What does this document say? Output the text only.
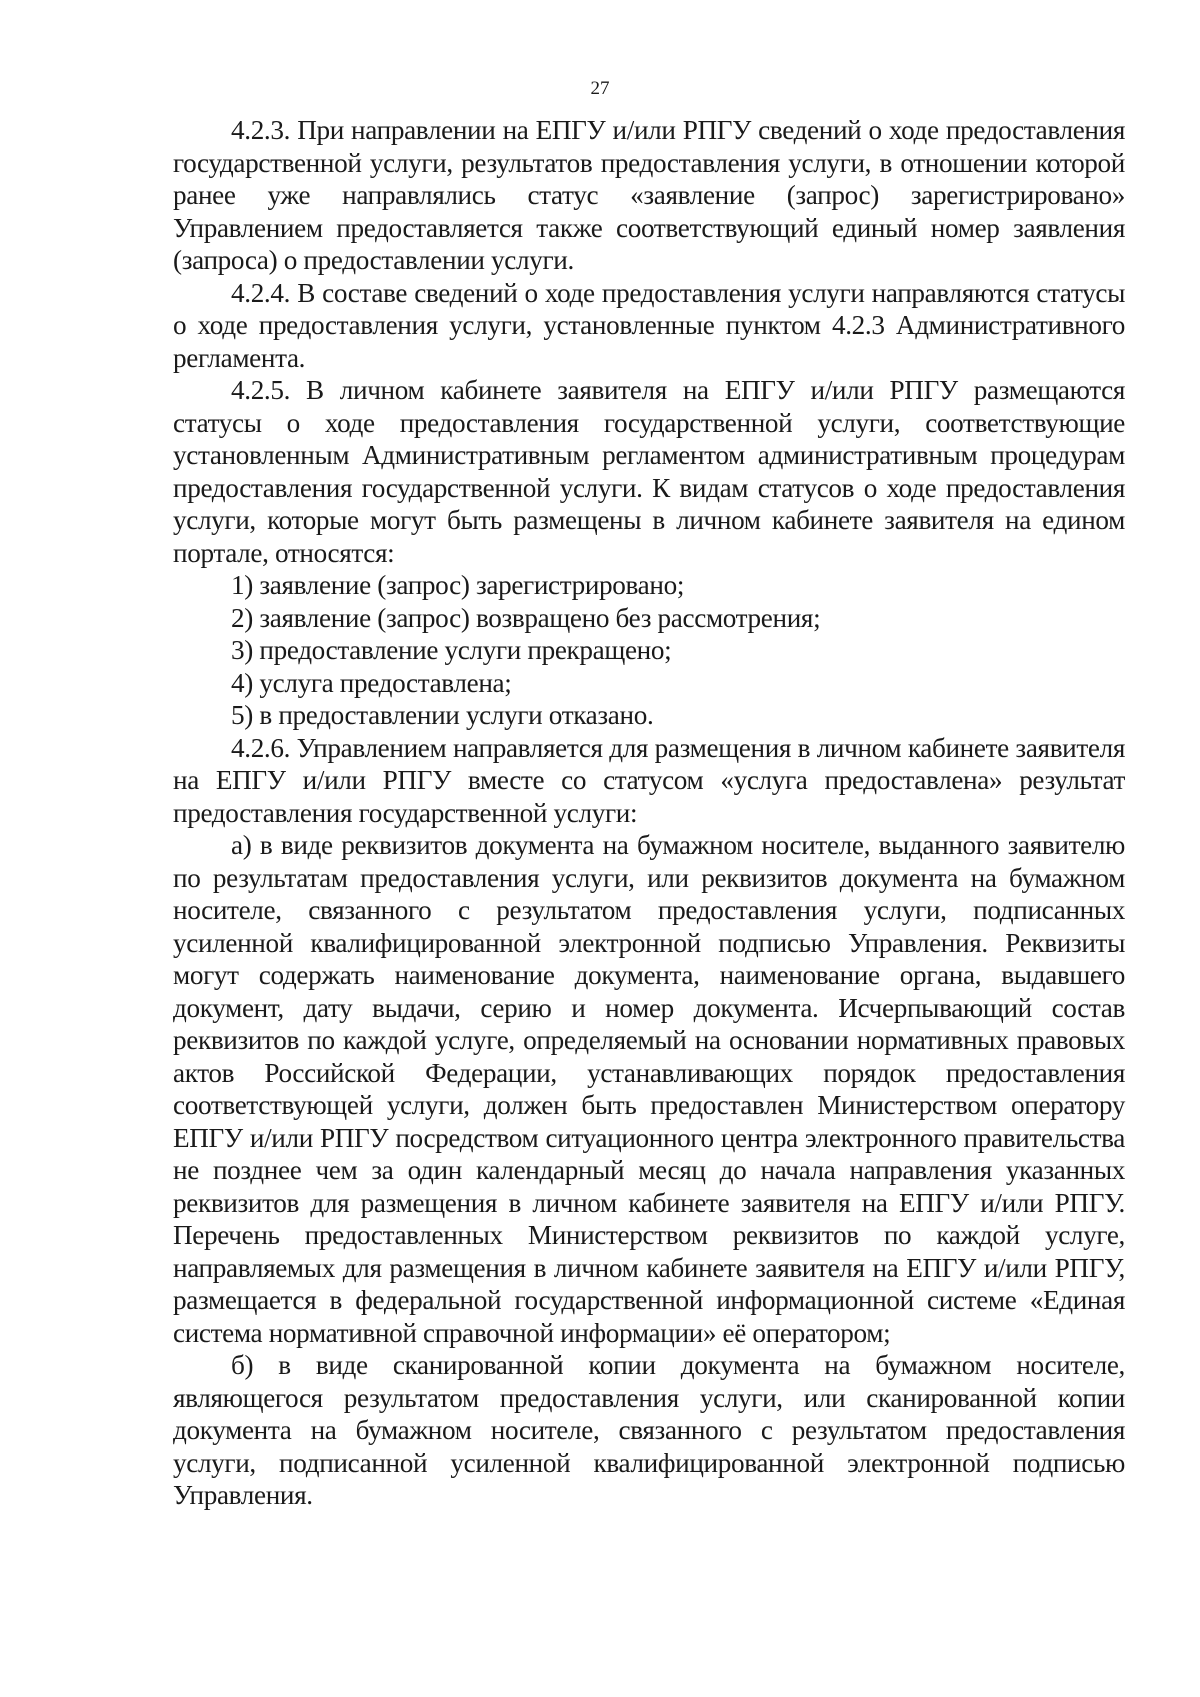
27

4.2.3. При направлении на ЕПГУ и/или РПГУ сведений о ходе предоставления государственной услуги, результатов предоставления услуги, в отношении которой ранее уже направлялись статус «заявление (запрос) зарегистрировано» Управлением предоставляется также соответствующий единый номер заявления (запроса) о предоставлении услуги.

4.2.4. В составе сведений о ходе предоставления услуги направляются статусы о ходе предоставления услуги, установленные пунктом 4.2.3 Административного регламента.

4.2.5. В личном кабинете заявителя на ЕПГУ и/или РПГУ размещаются статусы о ходе предоставления государственной услуги, соответствующие установленным Административным регламентом административным процедурам предоставления государственной услуги. К видам статусов о ходе предоставления услуги, которые могут быть размещены в личном кабинете заявителя на едином портале, относятся:

1) заявление (запрос) зарегистрировано;

2) заявление (запрос) возвращено без рассмотрения;

3) предоставление услуги прекращено;

4) услуга предоставлена;

5) в предоставлении услуги отказано.

4.2.6. Управлением направляется для размещения в личном кабинете заявителя на ЕПГУ и/или РПГУ вместе со статусом «услуга предоставлена» результат предоставления государственной услуги:

а) в виде реквизитов документа на бумажном носителе, выданного заявителю по результатам предоставления услуги, или реквизитов документа на бумажном носителе, связанного с результатом предоставления услуги, подписанных усиленной квалифицированной электронной подписью Управления. Реквизиты могут содержать наименование документа, наименование органа, выдавшего документ, дату выдачи, серию и номер документа. Исчерпывающий состав реквизитов по каждой услуге, определяемый на основании нормативных правовых актов Российской Федерации, устанавливающих порядок предоставления соответствующей услуги, должен быть предоставлен Министерством оператору ЕПГУ и/или РПГУ посредством ситуационного центра электронного правительства не позднее чем за один календарный месяц до начала направления указанных реквизитов для размещения в личном кабинете заявителя на ЕПГУ и/или РПГУ. Перечень предоставленных Министерством реквизитов по каждой услуге, направляемых для размещения в личном кабинете заявителя на ЕПГУ и/или РПГУ, размещается в федеральной государственной информационной системе «Единая система нормативной справочной информации» её оператором;

б) в виде сканированной копии документа на бумажном носителе, являющегося результатом предоставления услуги, или сканированной копии документа на бумажном носителе, связанного с результатом предоставления услуги, подписанной усиленной квалифицированной электронной подписью Управления.
